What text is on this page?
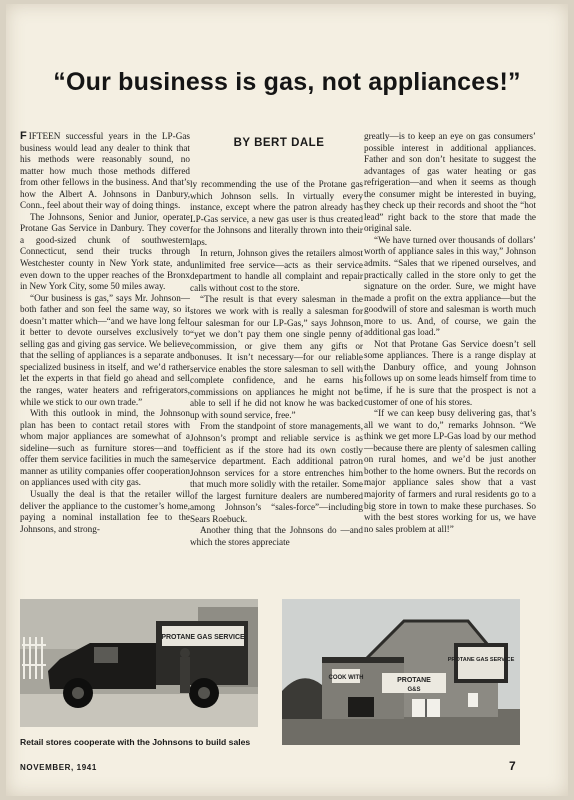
“Our business is gas, not appliances!”
BY BERT DALE

F IFTEEN successful years in the LP-Gas business would lead any dealer to think that his methods were reasonably sound, no matter how much those methods differed from other fellows in the business. And that’s how the Albert A. Johnsons in Danbury, Conn., feel about their way of doing things.

The Johnsons, Senior and Junior, operate Protane Gas Service in Danbury. They cover a good-sized chunk of southwestern Connecticut, send their trucks through Westchester county in New York state, and even down to the upper reaches of the Bronx in New York City, some 50 miles away.

“Our business is gas,” says Mr. Johnson—both father and son feel the same way, so it doesn’t matter which—“and we have long felt it better to devote ourselves exclusively to selling gas and giving gas service. We believe that the selling of appliances is a separate and specialized business in itself, and we’d rather let the experts in that field go ahead and sell the ranges, water heaters and refrigerators, while we stick to our own trade.”

With this outlook in mind, the Johnson plan has been to contact retail stores with whom major appliances are somewhat of a sideline—such as furniture stores—and to offer them service facilities in much the same manner as utility companies offer cooperation on appliances used with city gas.

Usually the deal is that the retailer will deliver the appliance to the customer’s home, paying a nominal installation fee to the Johnsons, and strong-

ly recommending the use of the Protane gas which Johnson sells. In virtually every instance, except where the patron already has LP-Gas service, a new gas user is thus created for the Johnsons and literally thrown into their laps.

In return, Johnson gives the retailers almost unlimited free service—acts as their service department to handle all complaint and repair calls without cost to the store.

“The result is that every salesman in the stores we work with is really a salesman for our salesman for our LP-Gas,” says Johnson, “yet we don’t pay them one single penny of commission, or give them any gifts or bonuses. It isn’t necessary—for our reliable service enables the store salesman to sell with complete confidence, and he earns his commissions on appliances he might not be able to sell if he did not know he was backed up with sound service, free.”

From the standpoint of store managements, Johnson’s prompt and reliable service is as efficient as if the store had its own costly service department. Each additional patron Johnson services for a store entrenches him that much more solidly with the retailer. Some of the largest furniture dealers are numbered among Johnson’s “sales-force”—including Sears Roebuck.

Another thing that the Johnsons do —and which the stores appreciate

greatly—is to keep an eye on gas consumers’ possible interest in additional appliances. Father and son don’t hesitate to suggest the advantages of gas water heating or gas refrigeration—and when it seems as though the consumer might be interested in buying, they check up their records and shoot the “hot lead” right back to the store that made the original sale.

“We have turned over thousands of dollars’ worth of appliance sales in this way,” Johnson admits. “Sales that we ripened ourselves, and practically called in the store only to get the signature on the order. Sure, we might have made a profit on the extra appliance—but the goodwill of store and salesman is worth much more to us. And, of course, we gain the additional gas load.”

Not that Protane Gas Service doesn’t sell some appliances. There is a range display at the Danbury office, and young Johnson follows up on some leads himself from time to time, if he is sure that the prospect is not a customer of one of his stores.

“If we can keep busy delivering gas, that’s all we want to do,” remarks Johnson. “We think we get more LP-Gas load by our method—because there are plenty of salesmen calling on rural homes, and we’d be just another bother to the home owners. But the records on major appliance sales show that a vast majority of farmers and rural residents go to a big store in town to make these purchases. So with the best stores working for us, we have no sales problem at all!”

PROTANE GAS SERVICE
PROTANE GAS SERVICE
COOK WITH	PROTANE
G&S
Retail stores cooperate with the Johnsons to build sales
NOVEMBER, 1941	7
